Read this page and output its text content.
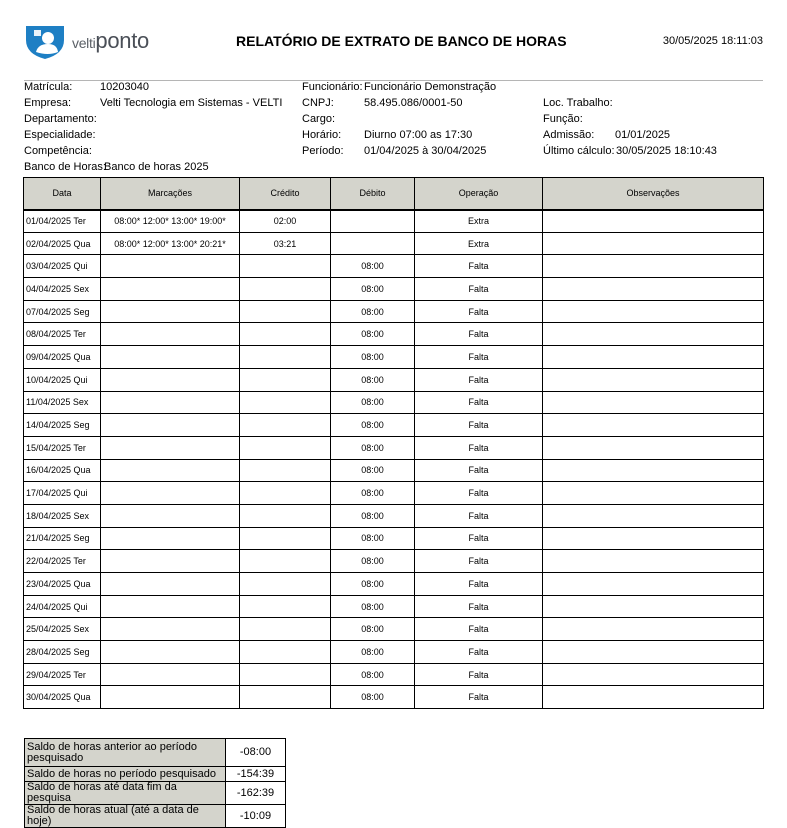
veltiponto	RELATÓRIO DE EXTRATO DE BANCO DE HORAS	30/05/2025 18:11:03
Matrícula:	10203040
Empresa:	Velti Tecnologia em Sistemas - VELTI
Departamento:
Especialidade:
Competência:
Banco de Horas:
Banco de horas 2025
Funcionário: Funcionário Demonstração
CNPJ:	58.495.086/0001-50
Cargo:
Horário: Diurno 07:00 as 17:30
Período: 01/04/2025 à 30/04/2025
Loc. Trabalho:
Função:
Admissão: 01/01/2025
Último cálculo: 30/05/2025 18:10:43
Data	Marcações	Crédito	Débito	Operação	Observações
01/04/2025 Ter	08:00* 12:00* 13:00* 19:00*	02:00		Extra	
02/04/2025 Qua	08:00* 12:00* 13:00* 20:21*	03:21		Extra	
03/04/2025 Qui			08:00	Falta	
04/04/2025 Sex			08:00	Falta	
07/04/2025 Seg			08:00	Falta	
08/04/2025 Ter			08:00	Falta	
09/04/2025 Qua			08:00	Falta	
10/04/2025 Qui			08:00	Falta	
11/04/2025 Sex			08:00	Falta	
14/04/2025 Seg			08:00	Falta	
15/04/2025 Ter			08:00	Falta	
16/04/2025 Qua			08:00	Falta	
17/04/2025 Qui			08:00	Falta	
18/04/2025 Sex			08:00	Falta	
21/04/2025 Seg			08:00	Falta	
22/04/2025 Ter			08:00	Falta	
23/04/2025 Qua			08:00	Falta	
24/04/2025 Qui			08:00	Falta	
25/04/2025 Sex			08:00	Falta	
28/04/2025 Seg			08:00	Falta	
29/04/2025 Ter			08:00	Falta	
30/04/2025 Qua			08:00	Falta	
Saldo de horas anterior ao período pesquisado	-08:00
Saldo de horas no período pesquisado	-154:39
Saldo de horas até data fim da pesquisa	-162:39
Saldo de horas atual (até a data de hoje)	-10:09
